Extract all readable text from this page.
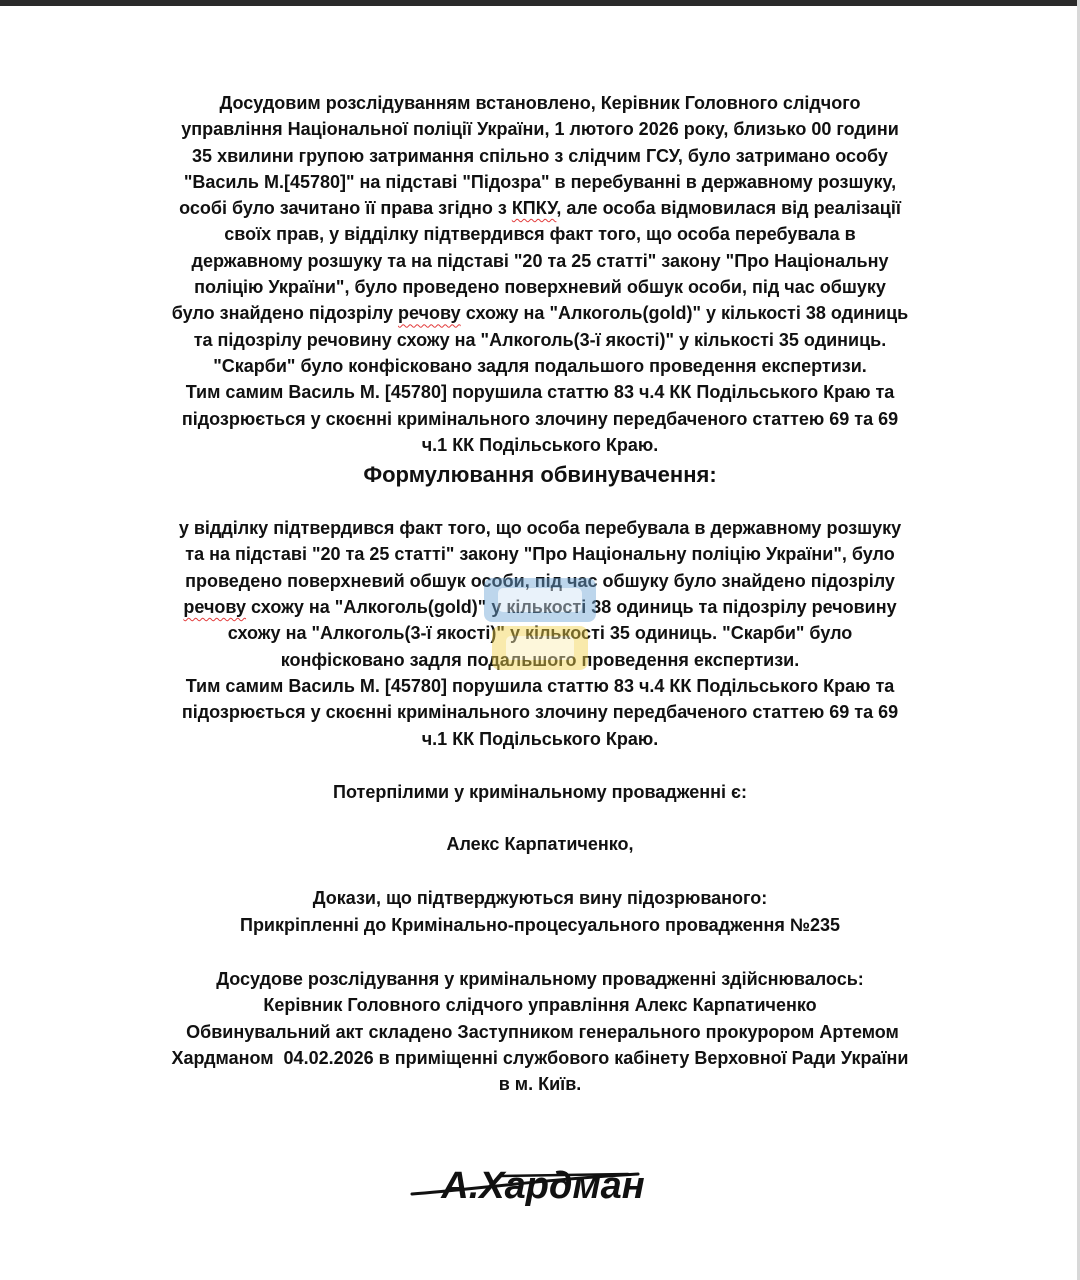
Досудовим розслідуванням встановлено, Керівник Головного слідчого
управління Національної поліції України, 1 лютого 2026 року, близько 00 години
35 хвилини групою затримання спільно з слідчим ГСУ, було затримано особу
"Василь М.[45780]" на підставі "Підозра" в перебуванні в державному розшуку,
особі було зачитано її права згідно з КПКУ, але особа відмовилася від реалізації
своїх прав, у відділку підтвердився факт того, що особа перебувала в
державному розшуку та на підставі "20 та 25 статті" закону "Про Національну
поліцію України", було проведено поверхневий обшук особи, під час обшуку
було знайдено підозрілу речову схожу на "Алкоголь(gold)" у кількості 38 одиниць
та підозрілу речовину схожу на "Алкоголь(3-ї якості)" у кількості 35 одиниць.
"Скарби" було конфісковано задля подальшого проведення експертизи.
Тим самим Василь М. [45780] порушила статтю 83 ч.4 КК Подільського Краю та
підозрюється у скоєнні кримінального злочину передбаченого статтею 69 та 69
ч.1 КК Подільського Краю.
Формулювання обвинувачення:
у відділку підтвердився факт того, що особа перебувала в державному розшуку
та на підставі "20 та 25 статті" закону "Про Національну поліцію України", було
проведено поверхневий обшук особи, під час обшуку було знайдено підозрілу
речову схожу на "Алкоголь(gold)" у кількості 38 одиниць та підозрілу речовину
схожу на "Алкоголь(3-ї якості)" у кількості 35 одиниць. "Скарби" було
конфісковано задля подальшого проведення експертизи.
Тим самим Василь М. [45780] порушила статтю 83 ч.4 КК Подільського Краю та
підозрюється у скоєнні кримінального злочину передбаченого статтею 69 та 69
ч.1 КК Подільського Краю.
Потерпілими у кримінальному провадженні є:
Алекс Карпатиченко,
Докази, що підтверджуються вину підозрюваного:
Прикріпленні до Кримінально-процесуального провадження №235
Досудове розслідування у кримінальному провадженні здійснювалось:
Керівник Головного слідчого управління Алекс Карпатиченко
Обвинувальний акт складено Заступником генерального прокурором Артемом
Хардманом  04.02.2026 в приміщенні службового кабінету Верховної Ради України
в м. Київ.
А.Хардман
